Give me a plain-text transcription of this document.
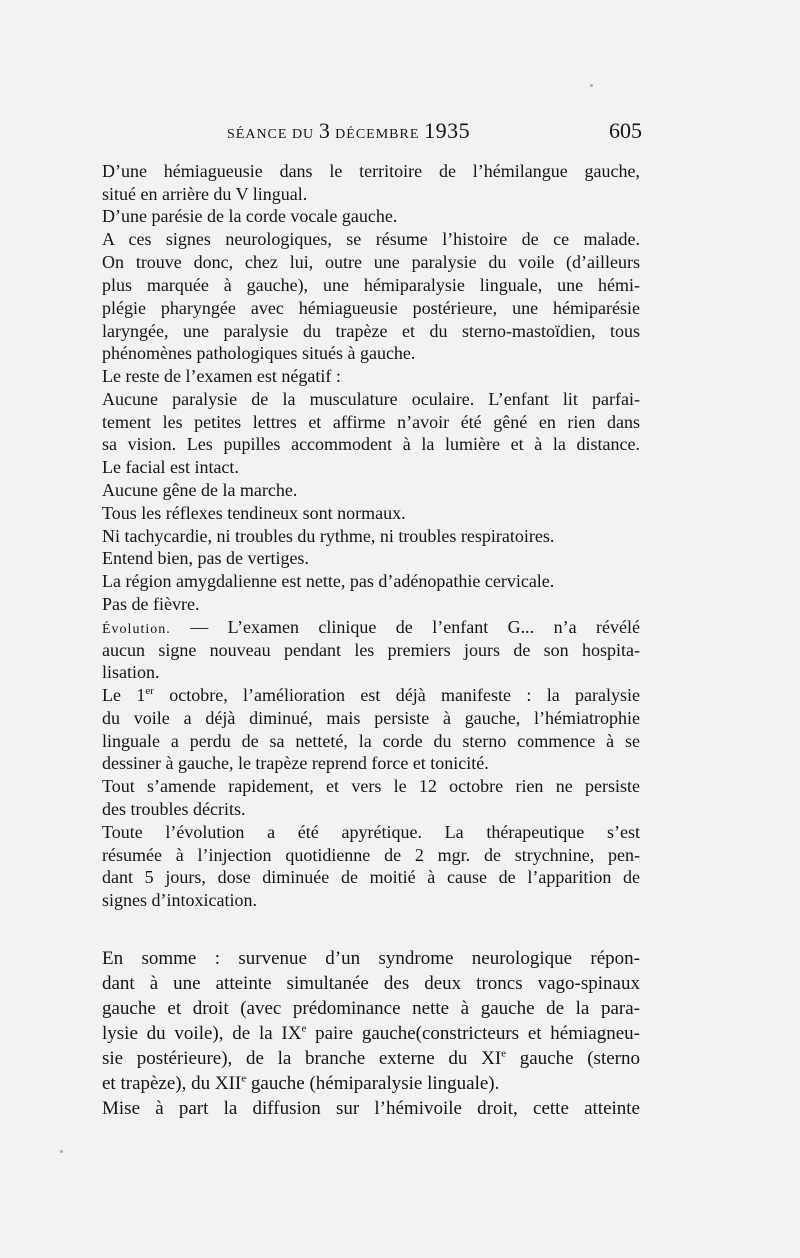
SÉANCE DU 3 DÉCEMBRE 1935	605
D’une hémiagueusie dans le territoire de l’hémilangue gauche,
situé en arrière du V lingual.
D’une parésie de la corde vocale gauche.
A ces signes neurologiques, se résume l’histoire de ce malade.
On trouve donc, chez lui, outre une paralysie du voile (d’ailleurs
plus marquée à gauche), une hémiparalysie linguale, une hémi-
plégie pharyngée avec hémiagueusie postérieure, une hémiparésie
laryngée, une paralysie du trapèze et du sterno-mastoïdien, tous
phénomènes pathologiques situés à gauche.
Le reste de l’examen est négatif :
Aucune paralysie de la musculature oculaire. L’enfant lit parfai-
tement les petites lettres et affirme n’avoir été gêné en rien dans
sa vision. Les pupilles accommodent à la lumière et à la distance.
Le facial est intact.
Aucune gêne de la marche.
Tous les réflexes tendineux sont normaux.
Ni tachycardie, ni troubles du rythme, ni troubles respiratoires.
Entend bien, pas de vertiges.
La région amygdalienne est nette, pas d’adénopathie cervicale.
Pas de fièvre.
Évolution. — L’examen clinique de l’enfant G... n’a révélé
aucun signe nouveau pendant les premiers jours de son hospita-
lisation.
Le 1er octobre, l’amélioration est déjà manifeste : la paralysie
du voile a déjà diminué, mais persiste à gauche, l’hémiatrophie
linguale a perdu de sa netteté, la corde du sterno commence à se
dessiner à gauche, le trapèze reprend force et tonicité.
Tout s’amende rapidement, et vers le 12 octobre rien ne persiste
des troubles décrits.
Toute l’évolution a été apyrétique. La thérapeutique s’est
résumée à l’injection quotidienne de 2 mgr. de strychnine, pen-
dant 5 jours, dose diminuée de moitié à cause de l’apparition de
signes d’intoxication.
En somme : survenue d’un syndrome neurologique répon-
dant à une atteinte simultanée des deux troncs vago-spinaux
gauche et droit (avec prédominance nette à gauche de la para-
lysie du voile), de la IXe paire gauche(constricteurs et hémiagneu-
sie postérieure), de la branche externe du XIe gauche (sterno
et trapèze), du XIIe gauche (hémiparalysie linguale).
Mise à part la diffusion sur l’hémivoile droit, cette atteinte
